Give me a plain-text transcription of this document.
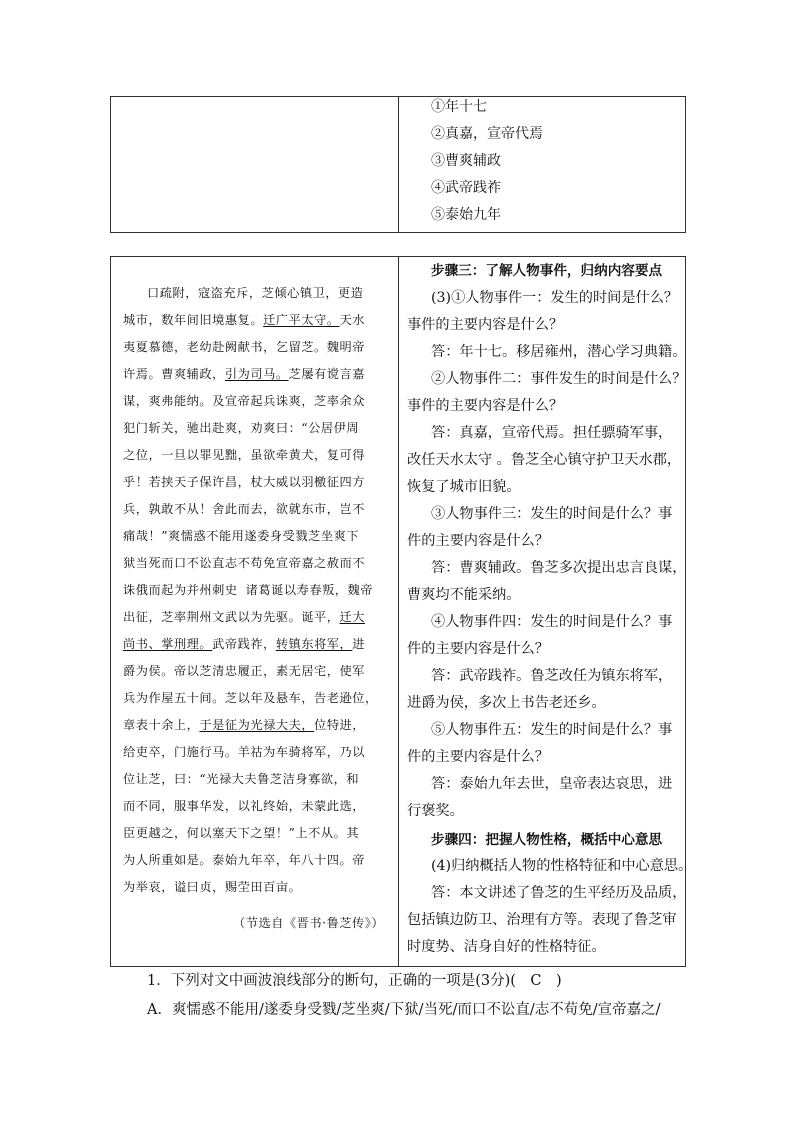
①年十七
②真嘉，宣帝代焉
③曹爽辅政
④武帝践祚
⑤泰始九年
口疏附，寇盗充斥，芝倾心镇卫，更造
城市，数年间旧境惠复。迁广平太守。天水
夷夏慕德，老幼赴阙献书，乞留芝。魏明帝
许焉。曹爽辅政，引为司马。芝屡有谠言嘉
谋，爽弗能纳。及宣帝起兵诛爽，芝率余众
犯门斩关，驰出赴爽，劝爽曰：“公居伊周
之位，一旦以罪见黜，虽欲牵黄犬，复可得
乎！若挟天子保许昌，杖大威以羽檄征四方
兵，孰敢不从！舍此而去，欲就东市，岂不
痛哉！”爽懦惑不能用遂委身受戮芝坐爽下
狱当死而口不讼直志不苟免宣帝嘉之赦而不
诛俄而起为并州刺史 诸葛诞以寿春叛，魏帝
出征，芝率荆州文武以为先驱。诞平，迁大
尚书、掌刑理。武帝践祚，转镇东将军，进
爵为侯。帝以芝清忠履正，素无居宅，使军
兵为作屋五十间。芝以年及悬车，告老逊位，
章表十余上，于是征为光禄大夫，位特进，
给吏卒，门施行马。羊祜为车骑将军，乃以
位让芝，曰：“光禄大夫鲁芝洁身寡欲，和
而不同，服事华发，以礼终始，未蒙此选，
臣更越之，何以塞天下之望！”上不从。其
为人所重如是。泰始九年卒，年八十四。帝
为举哀，谥曰贞，赐茔田百亩。
（节选自《晋书·鲁芝传》）
步骤三：了解人物事件，归纳内容要点
(3)①人物事件一：发生的时间是什么？
事件的主要内容是什么？
答：年十七。移居雍州，潜心学习典籍。
②人物事件二：事件发生的时间是什么？
事件的主要内容是什么？
答：真嘉，宣帝代焉。担任骠骑军事，
改任天水太守 。鲁芝全心镇守护卫天水郡，
恢复了城市旧貌。
③人物事件三：发生的时间是什么？事
件的主要内容是什么？
答：曹爽辅政。鲁芝多次提出忠言良谋，
曹爽均不能采纳。
④人物事件四：发生的时间是什么？事
件的主要内容是什么？
答：武帝践祚。鲁芝改任为镇东将军，
进爵为侯，多次上书告老还乡。
⑤人物事件五：发生的时间是什么？事
件的主要内容是什么？
答：泰始九年去世，皇帝表达哀思，进
行褒奖。
步骤四：把握人物性格，概括中心意思
(4)归纳概括人物的性格特征和中心意思。
答：本文讲述了鲁芝的生平经历及品质，
包括镇边防卫、治理有方等。表现了鲁芝审
时度势、洁身自好的性格特征。
1．下列对文中画波浪线部分的断句，正确的一项是(3分)(　C　)
A．爽懦惑不能用/遂委身受戮/芝坐爽/下狱/当死/而口不讼直/志不苟免/宣帝嘉之/
